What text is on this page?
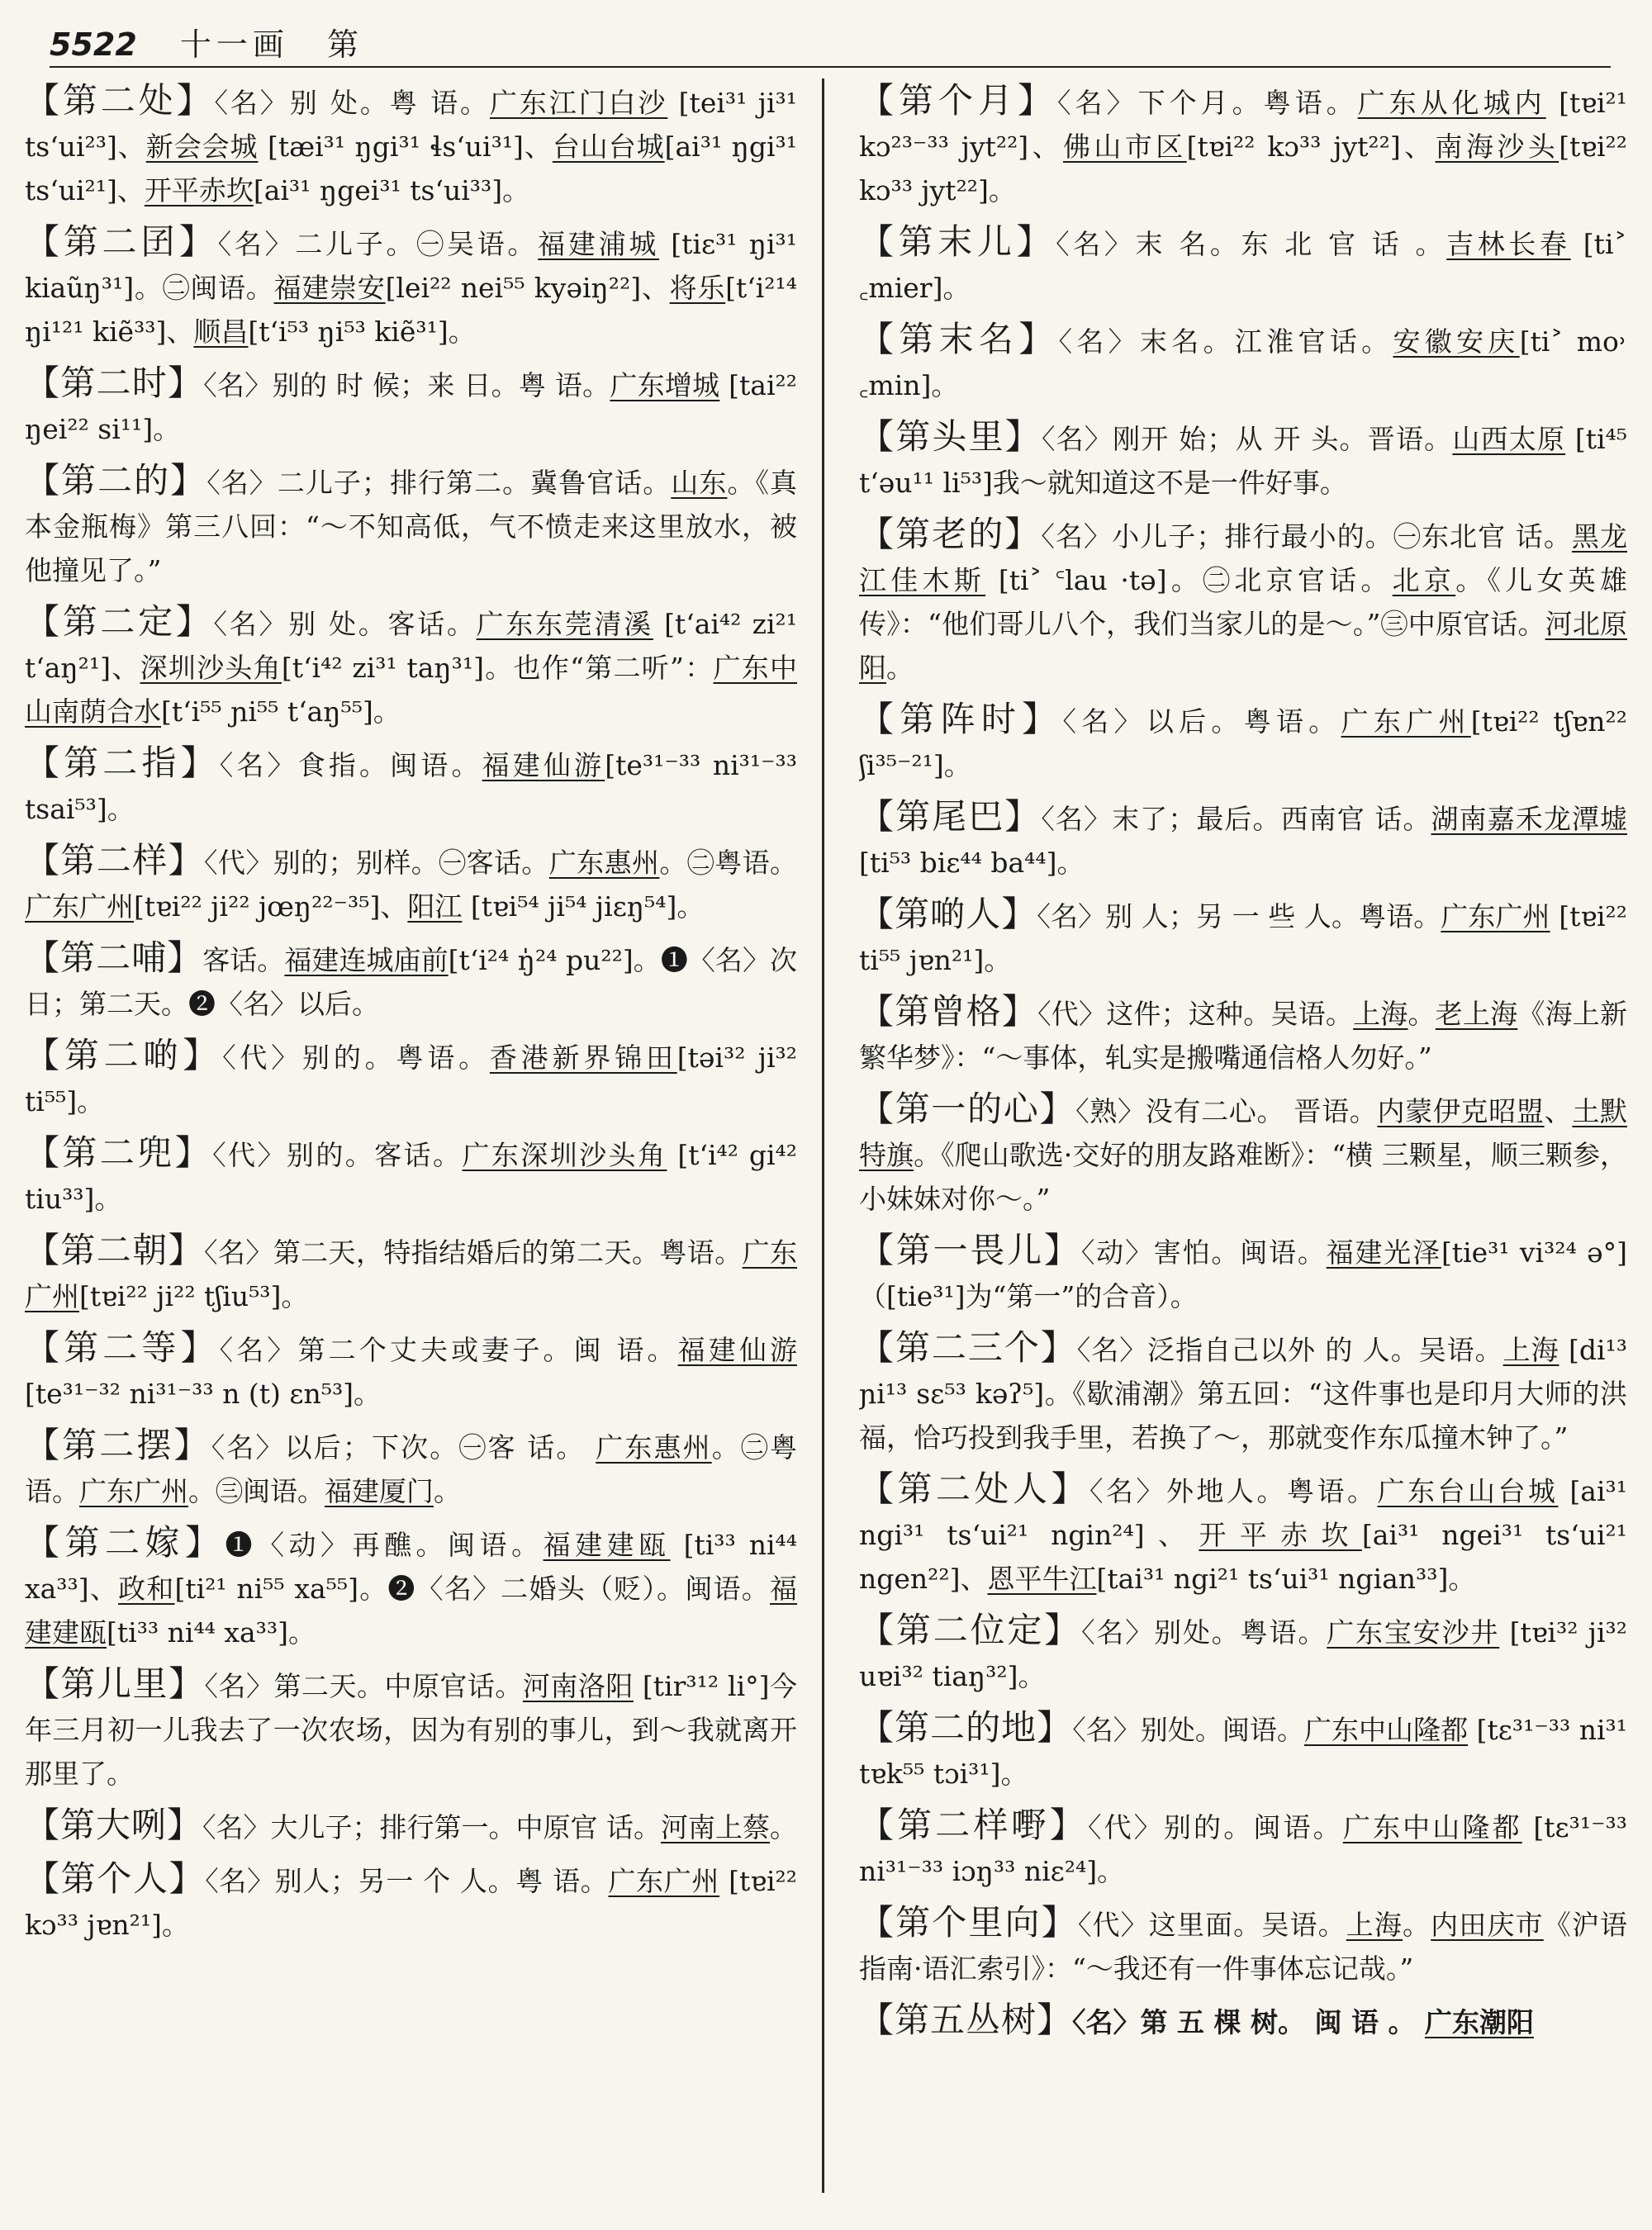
5522 十一画 第

【第二处】〈名〉别 处。粤 语。广东江门白沙 [tei³¹ ji³¹ ts‘ui²³]、新会会城 [tæi³¹ ŋgi³¹ ɬs‘ui³¹]、台山台城[ai³¹ ŋgi³¹ ts‘ui²¹]、开平赤坎[ai³¹ ŋgei³¹ ts‘ui³³]。

【第二囝】〈名〉二儿子。㊀吴语。福建浦城 [tiɛ³¹ ŋi³¹ kiaũŋ³¹]。㊁闽语。福建崇安[lei²² nei⁵⁵ kyəiŋ²²]、将乐[t‘i²¹⁴ ŋi¹²¹ kiẽ³³]、顺昌[t‘i⁵³ ŋi⁵³ kiẽ³¹]。

【第二时】〈名〉别的 时 候；来 日。粤 语。广东增城 [tai²² ŋei²² si¹¹]。

【第二的】〈名〉二儿子；排行第二。冀鲁官话。山东。《真本金瓶梅》第三八回：“～不知高低，气不愤走来这里放水，被他撞见了。”

【第二定】〈名〉别 处。客话。广东东莞清溪 [t‘ai⁴² zi²¹ t‘aŋ²¹]、深圳沙头角[t‘i⁴² zi³¹ taŋ³¹]。也作“第二听”：广东中山南荫合水[t‘i⁵⁵ ɲi⁵⁵ t‘aŋ⁵⁵]。

【第二指】〈名〉食指。闽语。福建仙游[te³¹⁻³³ ni³¹⁻³³ tsai⁵³]。

【第二样】〈代〉别的；别样。㊀客话。广东惠州。㊁粤语。广东广州[tɐi²² ji²² jœŋ²²⁻³⁵]、阳江 [tɐi⁵⁴ ji⁵⁴ jiɛŋ⁵⁴]。

【第二哺】客话。福建连城庙前[t‘i²⁴ ŋ̍²⁴ pu²²]。❶〈名〉次日；第二天。❷〈名〉以后。

【第二啲】〈代〉别的。粤语。香港新界锦田[təi³² ji³² ti⁵⁵]。

【第二兜】〈代〉别的。客话。广东深圳沙头角 [t‘i⁴² gi⁴² tiu³³]。

【第二朝】〈名〉第二天，特指结婚后的第二天。粤语。广东广州[tɐi²² ji²² tʃiu⁵³]。

【第二等】〈名〉第二个丈夫或妻子。闽 语。福建仙游 [te³¹⁻³² ni³¹⁻³³ n (t) ɛn⁵³]。

【第二摆】〈名〉以后；下次。㊀客 话。 广东惠州。㊁粤语。广东广州。㊂闽语。福建厦门。

【第二嫁】❶〈动〉再醮。闽语。福建建瓯 [ti³³ ni⁴⁴ xa³³]、政和[ti²¹ ni⁵⁵ xa⁵⁵]。❷〈名〉二婚头（贬）。闽语。福建建瓯[ti³³ ni⁴⁴ xa³³]。

【第儿里】〈名〉第二天。中原官话。河南洛阳 [tir³¹² li°]今年三月初一儿我去了一次农场，因为有别的事儿，到～我就离开那里了。

【第大咧】〈名〉大儿子；排行第一。中原官 话。河南上蔡。

【第个人】〈名〉别人；另一 个 人。粤 语。广东广州 [tɐi²² kɔ³³ jɐn²¹]。

【第个月】〈名〉下个月。粤语。广东从化城内 [tɐi²¹ kɔ²³⁻³³ jyt²²]、佛山市区[tɐi²² kɔ³³ jyt²²]、南海沙头[tɐi²² kɔ³³ jyt²²]。

【第末儿】〈名〉末 名。东 北 官 话 。吉林长春 [ti˃ ꜀mier]。

【第末名】〈名〉末名。江淮官话。安徽安庆[ti˃ mo˒ ꜀min]。

【第头里】〈名〉刚开 始；从 开 头。晋语。山西太原 [ti⁴⁵ t‘əu¹¹ li⁵³]我～就知道这不是一件好事。

【第老的】〈名〉小儿子；排行最小的。㊀东北官 话。黑龙江佳木斯 [ti˃ ꜂lau ·tə]。㊁北京官话。北京。《儿女英雄传》：“他们哥儿八个，我们当家儿的是～。”㊂中原官话。河北原阳。

【第阵时】〈名〉以后。粤语。广东广州[tɐi²² tʃɐn²² ʃi³⁵⁻²¹]。

【第尾巴】〈名〉末了；最后。西南官 话。湖南嘉禾龙潭墟[ti⁵³ biɛ⁴⁴ ba⁴⁴]。

【第啲人】〈名〉别 人；另 一 些 人。粤语。广东广州 [tɐi²² ti⁵⁵ jɐn²¹]。

【第曾格】〈代〉这件；这种。吴语。上海。老上海《海上新繁华梦》：“～事体，轧实是搬嘴通信格人勿好。”

【第一的心】〈熟〉没有二心。 晋语。内蒙伊克昭盟、土默特旗。《爬山歌选·交好的朋友路难断》：“横 三颗星，顺三颗参，小妹妹对你～。”

【第一畏儿】〈动〉害怕。闽语。福建光泽[tie³¹ vi³²⁴ ə°]（[tie³¹]为“第一”的合音）。

【第二三个】〈名〉泛指自己以外 的 人。吴语。上海 [di¹³ ɲi¹³ sɛ⁵³ kəʔ⁵]。《歇浦潮》第五回：“这件事也是印月大师的洪福，恰巧投到我手里，若换了～，那就变作东瓜撞木钟了。”

【第二处人】〈名〉外地人。粤语。广东台山台城 [ai³¹ ngi³¹ ts‘ui²¹ ngin²⁴]、开平赤坎[ai³¹ ngei³¹ ts‘ui²¹ ngen²²]、恩平牛江[tai³¹ ngi²¹ ts‘ui³¹ ngian³³]。

【第二位定】〈名〉别处。粤语。广东宝安沙井 [tɐi³² ji³² uɐi³² tiaŋ³²]。

【第二的地】〈名〉别处。闽语。广东中山隆都 [tɛ³¹⁻³³ ni³¹ tɐk⁵⁵ tɔi³¹]。

【第二样嘢】〈代〉别的。闽语。广东中山隆都 [tɛ³¹⁻³³ ni³¹⁻³³ iɔŋ³³ niɛ²⁴]。

【第个里向】〈代〉这里面。吴语。上海。内田庆市《沪语指南·语汇索引》：“～我还有一件事体忘记哉。”

【第五丛树】〈名〉第 五 棵 树。 闽 语 。 广东潮阳
